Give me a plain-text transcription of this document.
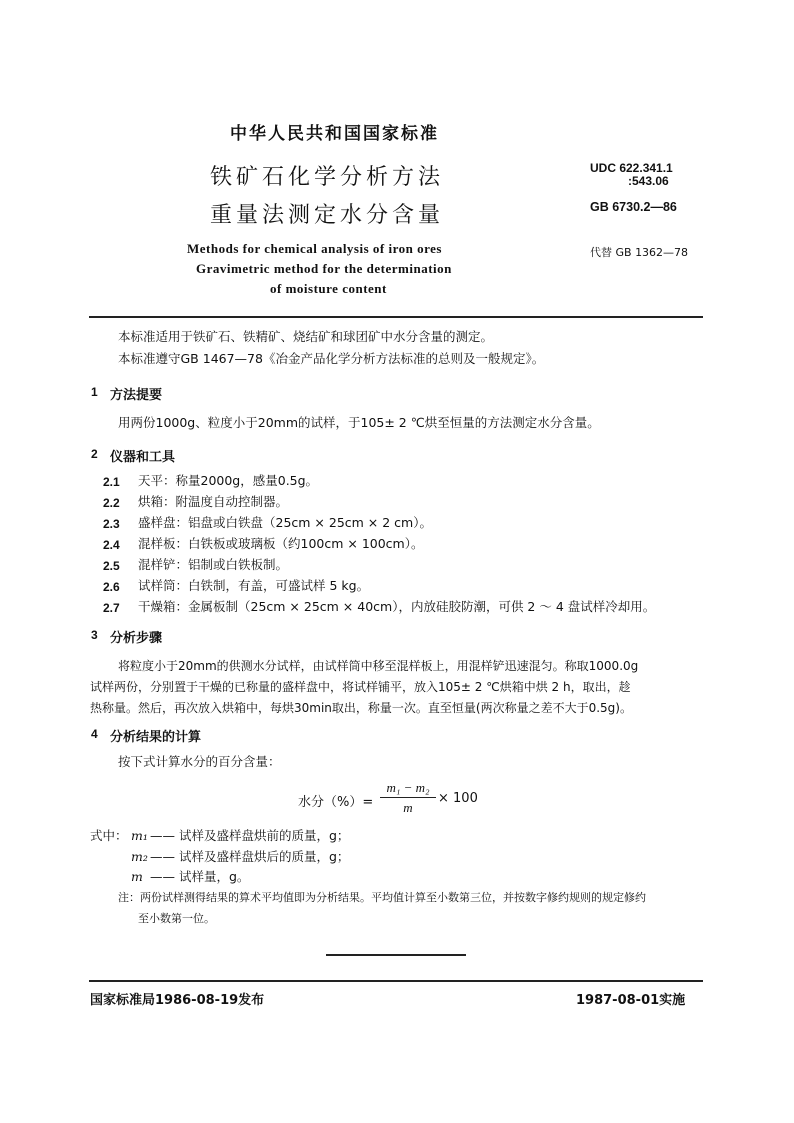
中华人民共和国国家标准
铁矿石化学分析方法
重量法测定水分含量
UDC 622.341.1
:543.06
GB 6730.2—86
代替 GB 1362—78
Methods for chemical analysis of iron ores
Gravimetric method for the determination
of moisture content
本标准适用于铁矿石、铁精矿、烧结矿和球团矿中水分含量的测定。
本标准遵守GB 1467—78《冶金产品化学分析方法标准的总则及一般规定》。
1 方法提要
用两份1000g、粒度小于20mm的试样，于105± 2 ℃烘至恒量的方法测定水分含量。
2 仪器和工具
2.1 天平：称量2000g，感量0.5g。
2.2 烘箱：附温度自动控制器。
2.3 盛样盘：铝盘或白铁盘（25cm × 25cm × 2 cm）。
2.4 混样板：白铁板或玻璃板（约100cm × 100cm）。
2.5 混样铲：铝制或白铁板制。
2.6 试样筒：白铁制，有盖，可盛试样 5 kg。
2.7 干燥箱：金属板制（25cm × 25cm × 40cm），内放硅胶防潮，可供 2 ～ 4 盘试样冷却用。
3 分析步骤
将粒度小于20mm的供测水分试样，由试样筒中移至混样板上，用混样铲迅速混匀。称取1000.0g
试样两份，分别置于干燥的已称量的盛样盘中，将试样铺平，放入105± 2 ℃烘箱中烘 2 h，取出，趁
热称量。然后，再次放入烘箱中，每烘30min取出，称量一次。直至恒量(两次称量之差不大于0.5g)。
4 分析结果的计算
按下式计算水分的百分含量：
水分（%）=
m₁ − m₂
m
× 100
式中： m₁ —— 试样及盛样盘烘前的质量，g；
m₂ —— 试样及盛样盘烘后的质量，g；
m —— 试样量，g。
注：两份试样测得结果的算术平均值即为分析结果。平均值计算至小数第三位，并按数字修约规则的规定修约
至小数第一位。
国家标准局1986-08-19发布	1987-08-01实施
